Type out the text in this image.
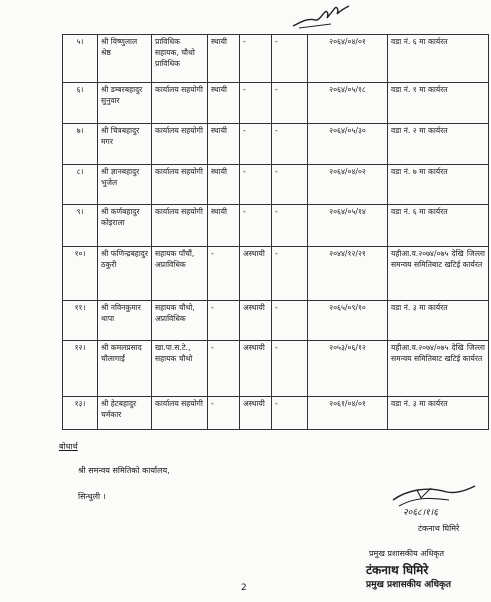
५।	श्री विष्णुलाल श्रेष्ठ	प्राविधिक सहायक, चौथो प्राविधिक	स्थायी	-	-	२०६४/०४/०१	वडा नं. ६ मा कार्यरत
६।	श्री डम्बरबहादुर सुनुवार	कार्यालय सहयोगी	स्थायी	-	-	२०६४/०५/१८	वडा नं. १ मा कार्यरत
७।	श्री चित्रबहादुर मगर	कार्यालय सहयोगी	स्थायी	-	-	२०६४/०५/३०	वडा नं. २ मा कार्यरत
८।	श्री ज्ञानबहादुर भुजेल	कार्यालय सहयोगी	स्थायी	-	-	२०६४/०४/०२	वडा नं. ७ मा कार्यरत
९।	श्री कर्णबहादुर कोइराला	कार्यालय सहयोगी	स्थायी	-	-	२०६४/०५/१४	वडा नं. ६ मा कार्यरत
१०।	श्री फणिन्द्रबहादुर ठकुरी	सहायक पाँचौं, अप्राविधिक	-	अस्थायी	-	२०४४/१२/२१	यहीआ.व.२०७४/०७५ देखि जिल्ला समन्वय समितिबाट खटिई कार्यरत
११।	श्री नविनकुमार थापा	सहायक चौथो, अप्राविधिक	-	अस्थायी	-	२०६५/०९/१०	वडा नं. ३ मा कार्यरत
१२।	श्री कमलप्रसाद चौलागाईं	खा.पा.स.टे., सहायक चौथो	-	अस्थायी	-	२०५३/०६/१२	यहीआ.व.२०७४/०७५ देखि जिल्ला समन्वय समितिबाट खटिई कार्यरत
१३।	श्री हेटबहादुर चर्मकार	कार्यालय सहयोगी	-	अस्थायी	-	२०६१/०४/०१	वडा नं. ३ मा कार्यरत
बोधार्थ
श्री समन्वय समितिको कार्यालय,
सिन्धुली ।
२०६८।१।६
टंकनाथ घिमिरे
प्रमुख प्रशासकीय अधिकृत
टंकनाथ घिमिरे
प्रमुख प्रशासकीय अधिकृत
2
